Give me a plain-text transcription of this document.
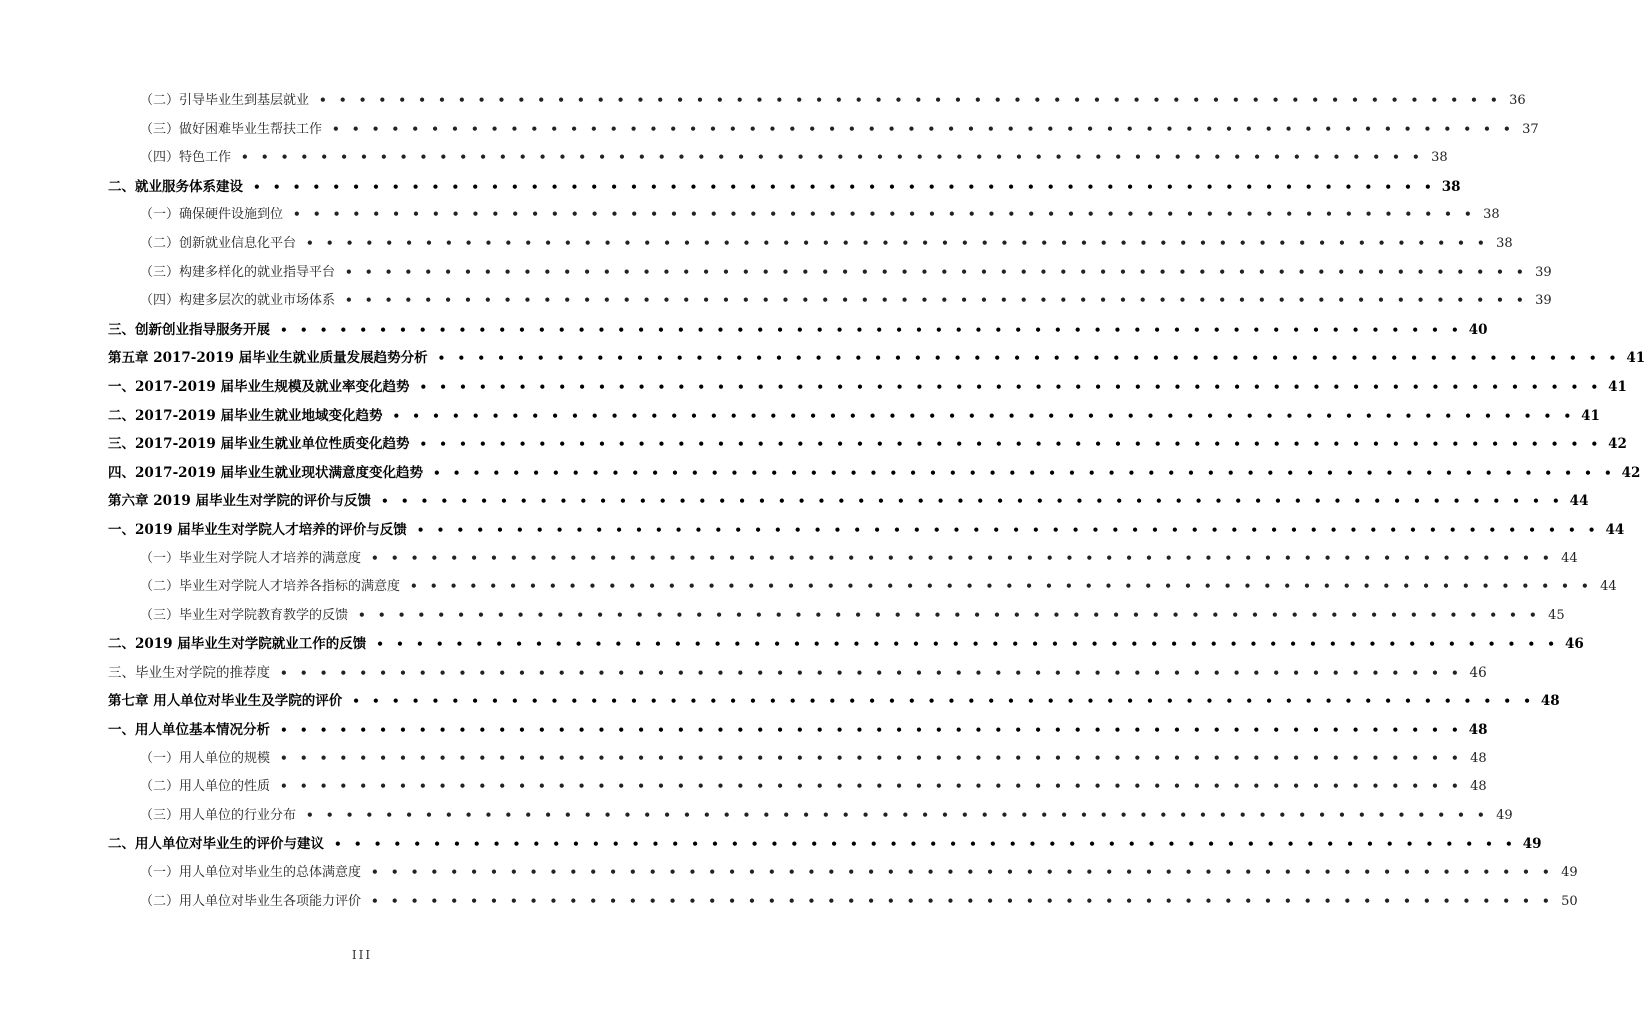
（二）引导毕业生到基层就业 • • • • • • • • • • • • • • • • • • • • • • • • • • • • • • • • • • • • • • • • • • • • • • • • • • • • • • • • • • • • 36
（三）做好困难毕业生帮扶工作 • • • • • • • • • • • • • • • • • • • • • • • • • • • • • • • • • • • • • • • • • • • • • • • • • • • • • • • • • • • • 37
（四）特色工作 • • • • • • • • • • • • • • • • • • • • • • • • • • • • • • • • • • • • • • • • • • • • • • • • • • • • • • • • • • • • 38
二、就业服务体系建设 • • • • • • • • • • • • • • • • • • • • • • • • • • • • • • • • • • • • • • • • • • • • • • • • • • • • • • • • • • • • 38
（一）确保硬件设施到位 • • • • • • • • • • • • • • • • • • • • • • • • • • • • • • • • • • • • • • • • • • • • • • • • • • • • • • • • • • • • 38
（二）创新就业信息化平台 • • • • • • • • • • • • • • • • • • • • • • • • • • • • • • • • • • • • • • • • • • • • • • • • • • • • • • • • • • • • 38
（三）构建多样化的就业指导平台 • • • • • • • • • • • • • • • • • • • • • • • • • • • • • • • • • • • • • • • • • • • • • • • • • • • • • • • • • • • • 39
（四）构建多层次的就业市场体系 • • • • • • • • • • • • • • • • • • • • • • • • • • • • • • • • • • • • • • • • • • • • • • • • • • • • • • • • • • • • 39
三、创新创业指导服务开展 • • • • • • • • • • • • • • • • • • • • • • • • • • • • • • • • • • • • • • • • • • • • • • • • • • • • • • • • • • • • 40
第五章 2017-2019 届毕业生就业质量发展趋势分析 • • • • • • • • • • • • • • • • • • • • • • • • • • • • • • • • • • • • • • • • • • • • • • • • • • • • • • • • • • • • 41
一、2017-2019 届毕业生规模及就业率变化趋势 • • • • • • • • • • • • • • • • • • • • • • • • • • • • • • • • • • • • • • • • • • • • • • • • • • • • • • • • • • • • 41
二、2017-2019 届毕业生就业地域变化趋势 • • • • • • • • • • • • • • • • • • • • • • • • • • • • • • • • • • • • • • • • • • • • • • • • • • • • • • • • • • • • 41
三、2017-2019 届毕业生就业单位性质变化趋势 • • • • • • • • • • • • • • • • • • • • • • • • • • • • • • • • • • • • • • • • • • • • • • • • • • • • • • • • • • • • 42
四、2017-2019 届毕业生就业现状满意度变化趋势 • • • • • • • • • • • • • • • • • • • • • • • • • • • • • • • • • • • • • • • • • • • • • • • • • • • • • • • • • • • • 42
第六章 2019 届毕业生对学院的评价与反馈 • • • • • • • • • • • • • • • • • • • • • • • • • • • • • • • • • • • • • • • • • • • • • • • • • • • • • • • • • • • • 44
一、2019 届毕业生对学院人才培养的评价与反馈 • • • • • • • • • • • • • • • • • • • • • • • • • • • • • • • • • • • • • • • • • • • • • • • • • • • • • • • • • • • • 44
（一）毕业生对学院人才培养的满意度 • • • • • • • • • • • • • • • • • • • • • • • • • • • • • • • • • • • • • • • • • • • • • • • • • • • • • • • • • • • • 44
（二）毕业生对学院人才培养各指标的满意度 • • • • • • • • • • • • • • • • • • • • • • • • • • • • • • • • • • • • • • • • • • • • • • • • • • • • • • • • • • • • 44
（三）毕业生对学院教育教学的反馈 • • • • • • • • • • • • • • • • • • • • • • • • • • • • • • • • • • • • • • • • • • • • • • • • • • • • • • • • • • • • 45
二、2019 届毕业生对学院就业工作的反馈 • • • • • • • • • • • • • • • • • • • • • • • • • • • • • • • • • • • • • • • • • • • • • • • • • • • • • • • • • • • • 46
三、毕业生对学院的推荐度 • • • • • • • • • • • • • • • • • • • • • • • • • • • • • • • • • • • • • • • • • • • • • • • • • • • • • • • • • • • • 46
第七章 用人单位对毕业生及学院的评价 • • • • • • • • • • • • • • • • • • • • • • • • • • • • • • • • • • • • • • • • • • • • • • • • • • • • • • • • • • • • 48
一、用人单位基本情况分析 • • • • • • • • • • • • • • • • • • • • • • • • • • • • • • • • • • • • • • • • • • • • • • • • • • • • • • • • • • • • 48
（一）用人单位的规模 • • • • • • • • • • • • • • • • • • • • • • • • • • • • • • • • • • • • • • • • • • • • • • • • • • • • • • • • • • • • 48
（二）用人单位的性质 • • • • • • • • • • • • • • • • • • • • • • • • • • • • • • • • • • • • • • • • • • • • • • • • • • • • • • • • • • • • 48
（三）用人单位的行业分布 • • • • • • • • • • • • • • • • • • • • • • • • • • • • • • • • • • • • • • • • • • • • • • • • • • • • • • • • • • • • 49
二、用人单位对毕业生的评价与建议 • • • • • • • • • • • • • • • • • • • • • • • • • • • • • • • • • • • • • • • • • • • • • • • • • • • • • • • • • • • • 49
（一）用人单位对毕业生的总体满意度 • • • • • • • • • • • • • • • • • • • • • • • • • • • • • • • • • • • • • • • • • • • • • • • • • • • • • • • • • • • • 49
（二）用人单位对毕业生各项能力评价 • • • • • • • • • • • • • • • • • • • • • • • • • • • • • • • • • • • • • • • • • • • • • • • • • • • • • • • • • • • • 50
III
